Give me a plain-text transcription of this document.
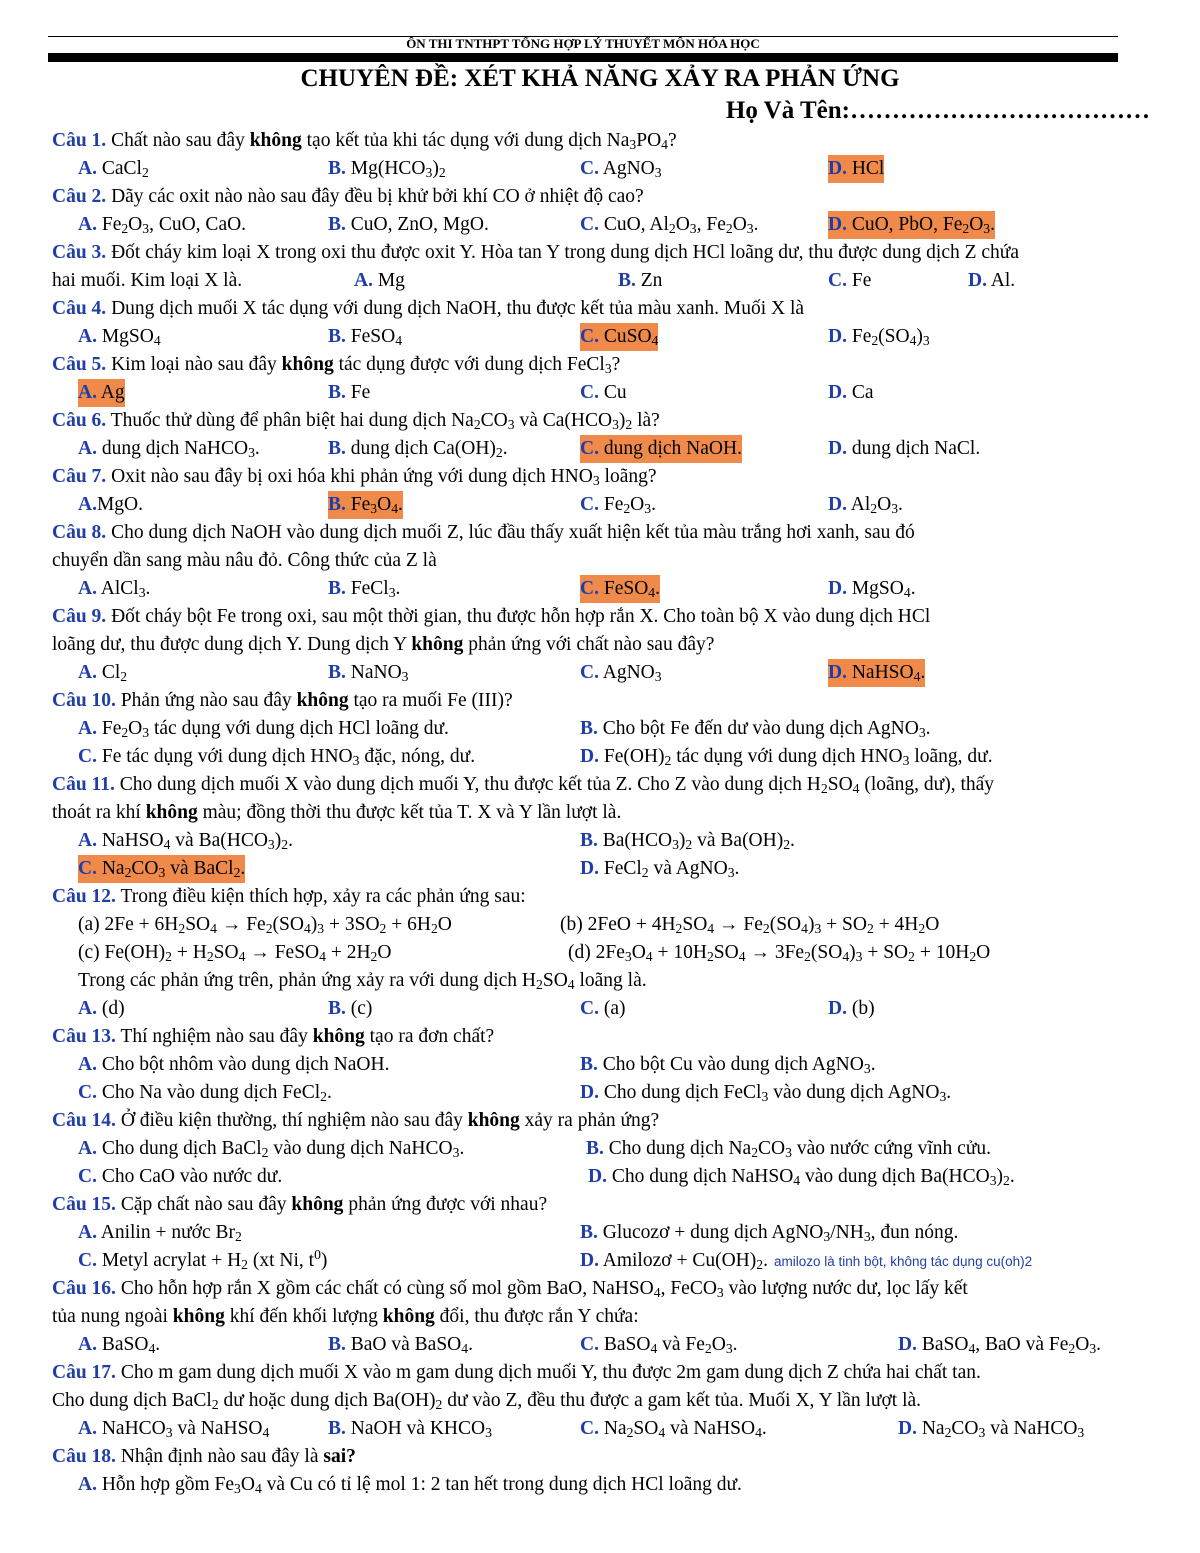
ÔN THI TNTHPT TỔNG HỢP LÝ THUYẾT MÔN HÓA HỌC
CHUYÊN ĐỀ: XÉT KHẢ NĂNG XẢY RA PHẢN ỨNG
Họ Và Tên:………………………………
Câu 1. Chất nào sau đây không tạo kết tủa khi tác dụng với dung dịch $Na_3PO_4$?
A. CaCl$_2$	B. $Mg(HCO_3)_2$	C. AgNO$_3$	D. HCl
Câu 2. Dãy các oxit nào nào sau đây đều bị khử bởi khí CO ở nhiệt độ cao?
A. $Fe_2O_3$, CuO, CaO.	B. CuO, ZnO, MgO.	C. CuO, $Al_2O_3$, $Fe_2O_3$.	D. CuO, PbO, $Fe_2O_3$.
Câu 3. Đốt cháy kim loại X trong oxi thu được oxit Y. Hòa tan Y trong dung dịch HCl loãng dư, thu được dung dịch Z chứa
hai muối. Kim loại X là.	A. Mg	B. Zn	C. Fe	D. Al.
Câu 4. Dung dịch muối X tác dụng với dung dịch NaOH, thu được kết tủa màu xanh. Muối X là
A. MgSO$_4$	B. FeSO$_4$	C. CuSO$_4$	D. $Fe_2(SO_4)_3$
Câu 5. Kim loại nào sau đây không tác dụng được với dung dịch FeCl$_3$?
A. Ag	B. Fe	C. Cu	D. Ca
Câu 6. Thuốc thử dùng để phân biệt hai dung dịch $Na_2CO_3$ và $Ca(HCO_3)_2$ là?
A. dung dịch NaHCO$_3$.	B. dung dịch $Ca(OH)_2$.	C. dung dịch NaOH.	D. dung dịch NaCl.
Câu 7. Oxit nào sau đây bị oxi hóa khi phản ứng với dung dịch $HNO_3$ loãng?
A.MgO.	B. $Fe_3O_4$.	C. $Fe_2O_3$.	D. $Al_2O_3$.
Câu 8. Cho dung dịch NaOH vào dung dịch muối Z, lúc đầu thấy xuất hiện kết tủa màu trắng hơi xanh, sau đó
chuyển dần sang màu nâu đỏ. Công thức của Z là
A. AlCl$_3$.	B. FeCl$_3$.	C. FeSO$_4$.	D. MgSO$_4$.
Câu 9. Đốt cháy bột Fe trong oxi, sau một thời gian, thu được hỗn hợp rắn X. Cho toàn bộ X vào dung dịch HCl
loãng dư, thu được dung dịch Y. Dung dịch Y không phản ứng với chất nào sau đây?
A. $Cl_2$	B. NaNO$_3$	C. AgNO$_3$	D. NaHSO$_4$.
Câu 10. Phản ứng nào sau đây không tạo ra muối Fe (III)?
A. $Fe_2O_3$ tác dụng với dung dịch HCl loãng dư.	B. Cho bột Fe đến dư vào dung dịch AgNO$_3$.
C. Fe tác dụng với dung dịch $HNO_3$ đặc, nóng, dư.	D. $Fe(OH)_2$ tác dụng với dung dịch $HNO_3$ loãng, dư.
Câu 11. Cho dung dịch muối X vào dung dịch muối Y, thu được kết tủa Z. Cho Z vào dung dịch $H_2SO_4$ (loãng, dư), thấy
thoát ra khí không màu; đồng thời thu được kết tủa T. X và Y lần lượt là.
A. NaHSO$_4$ và $Ba(HCO_3)_2$.	B. $Ba(HCO_3)_2$ và $Ba(OH)_2$.
C. $Na_2CO_3$ và BaCl$_2$.	D. FeCl$_2$ và AgNO$_3$.
Câu 12. Trong điều kiện thích hợp, xảy ra các phản ứng sau:
(a) $2Fe + 6H_2SO_4 \to Fe_2(SO_4)_3 + 3SO_2 + 6H_2O$	(b) $2FeO + 4H_2SO_4 \to Fe_2(SO_4)_3 + SO_2 + 4H_2O$
(c) $Fe(OH)_2 + H_2SO_4$ → FeSO$_4$ + $2H_2O$	(d) $2Fe_3O_4 + 10H_2SO_4 \to 3Fe_2(SO_4)_3 + SO_2 + 10H_2O$
Trong các phản ứng trên, phản ứng xảy ra với dung dịch $H_2SO_4$ loãng là.
A. (d)	B. (c)	C. (a)	D. (b)
Câu 13. Thí nghiệm nào sau đây không tạo ra đơn chất?
A. Cho bột nhôm vào dung dịch NaOH.	B. Cho bột Cu vào dung dịch AgNO$_3$.
C. Cho Na vào dung dịch FeCl$_2$.	D. Cho dung dịch FeCl$_3$ vào dung dịch AgNO$_3$.
Câu 14. Ở điều kiện thường, thí nghiệm nào sau đây không xảy ra phản ứng?
A. Cho dung dịch BaCl$_2$ vào dung dịch NaHCO$_3$.	B. Cho dung dịch $Na_2CO_3$ vào nước cứng vĩnh cửu.
C. Cho CaO vào nước dư.	D. Cho dung dịch NaHSO$_4$ vào dung dịch $Ba(HCO_3)_2$.
Câu 15. Cặp chất nào sau đây không phản ứng được với nhau?
A. Anilin + nước $Br_2$	B. Glucozơ + dung dịch $AgNO_3/NH_3$, đun nóng.
C. Metyl acrylat + $H_2$ (xt Ni, $t^0$)	D. Amilozơ + $Cu(OH)_2$. amilozo là tinh bột, không tác dụng cu(oh)2
Câu 16. Cho hỗn hợp rắn X gồm các chất có cùng số mol gồm BaO, NaHSO$_4$, FeCO$_3$ vào lượng nước dư, lọc lấy kết
tủa nung ngoài không khí đến khối lượng không đổi, thu được rắn Y chứa:
A. BaSO$_4$.	B. BaO và BaSO$_4$.	C. BaSO$_4$ và $Fe_2O_3$.	D. BaSO$_4$, BaO và $Fe_2O_3$.
Câu 17. Cho m gam dung dịch muối X vào m gam dung dịch muối Y, thu được 2m gam dung dịch Z chứa hai chất tan.
Cho dung dịch BaCl$_2$ dư hoặc dung dịch $Ba(OH)_2$ dư vào Z, đều thu được a gam kết tủa. Muối X, Y lần lượt là.
A. NaHCO$_3$ và NaHSO$_4$	B. NaOH và $KHCO_3$	C. $Na_2SO_4$ và NaHSO$_4$.	D. $Na_2CO_3$ và NaHCO$_3$
Câu 18. Nhận định nào sau đây là sai?
A. Hỗn hợp gồm $Fe_3O_4$ và Cu có tỉ lệ mol 1: 2 tan hết trong dung dịch HCl loãng dư.
